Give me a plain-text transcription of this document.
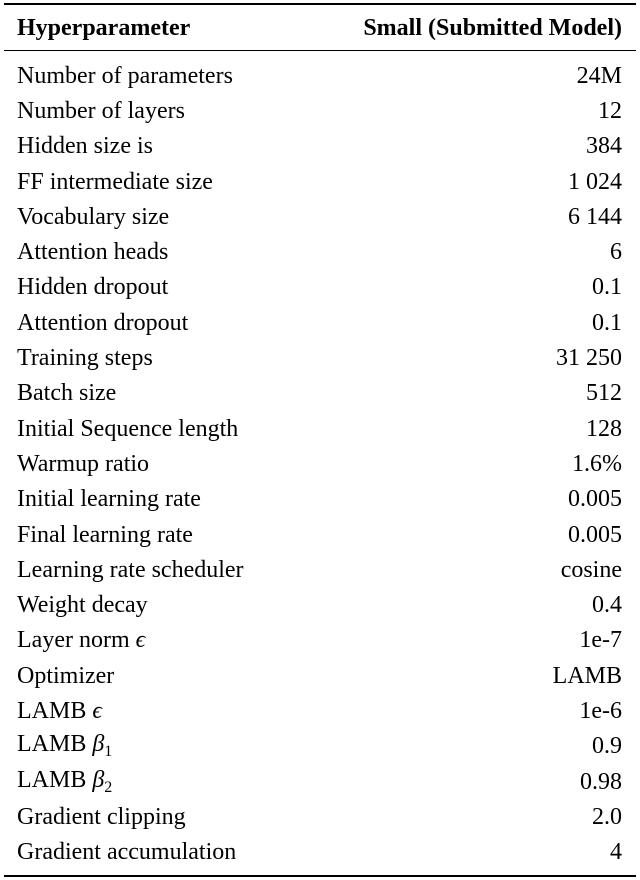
Hyperparameter	Small (Submitted Model)
Number of parameters	24M
Number of layers	12
Hidden size is	384
FF intermediate size	1 024
Vocabulary size	6 144
Attention heads	6
Hidden dropout	0.1
Attention dropout	0.1
Training steps	31 250
Batch size	512
Initial Sequence length	128
Warmup ratio	1.6%
Initial learning rate	0.005
Final learning rate	0.005
Learning rate scheduler	cosine
Weight decay	0.4
Layer norm ϵ	1e-7
Optimizer	LAMB
LAMB ϵ	1e-6
LAMB $\beta_1$	0.9
LAMB $\beta_2$	0.98
Gradient clipping	2.0
Gradient accumulation	4
